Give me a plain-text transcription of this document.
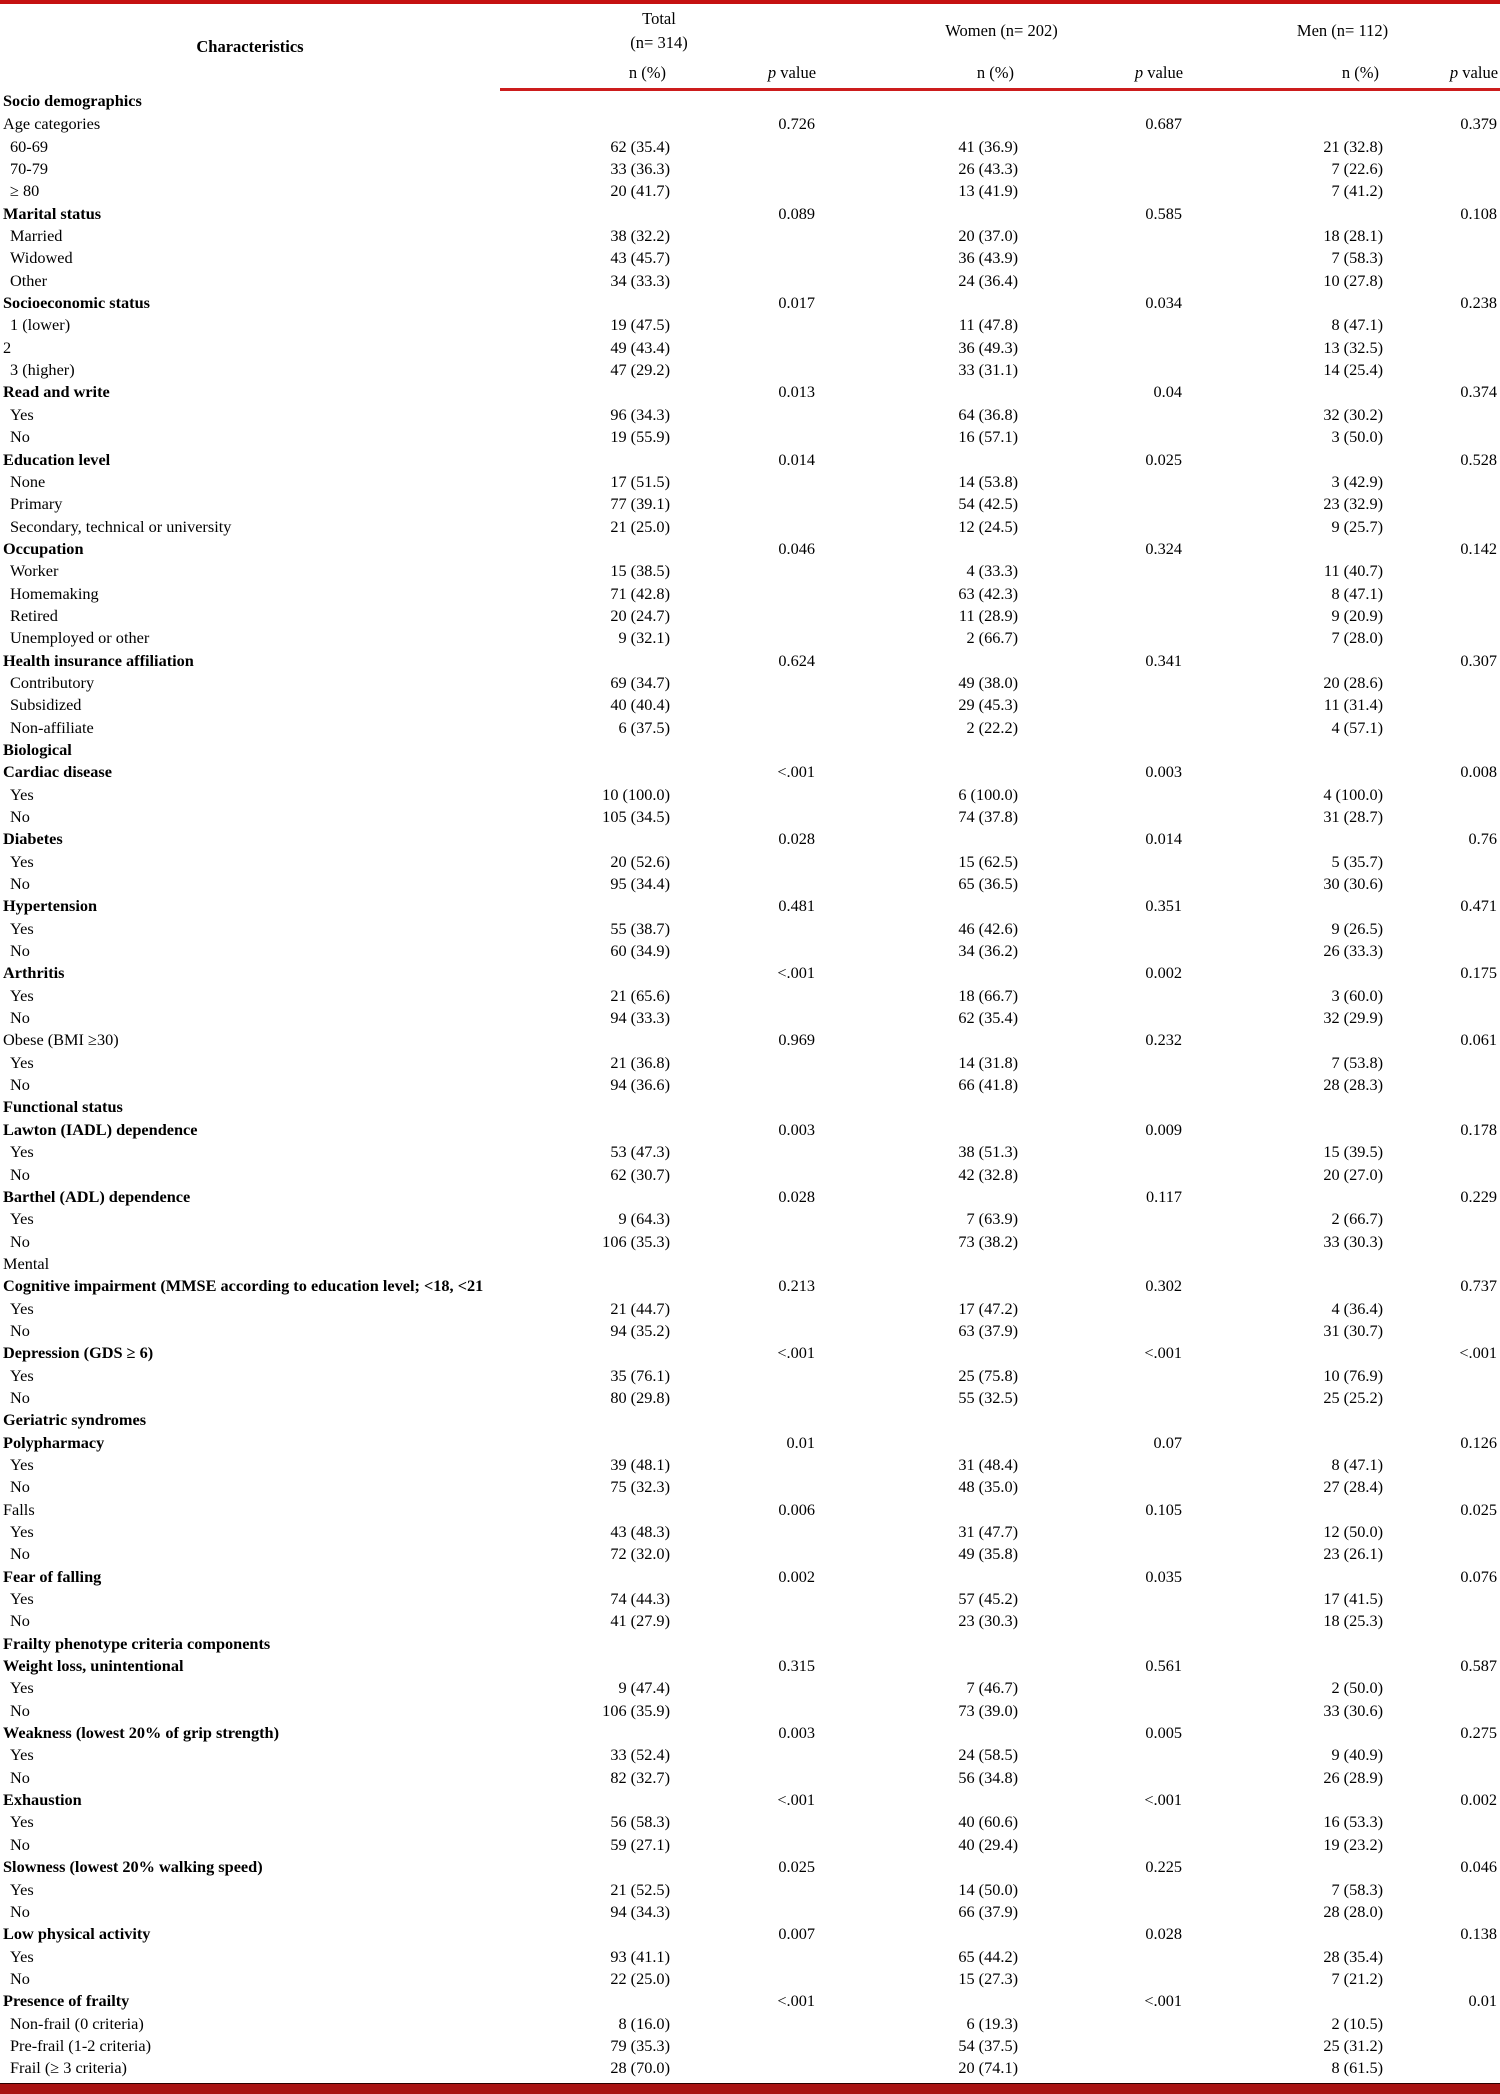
Characteristics	Total
(n= 314)		Women (n= 202)		Men (n= 112)	
	n (%)	p value	n (%)	p value	n (%)	p value
Socio demographics						
Age categories		0.726		0.687		0.379
60-69	62 (35.4)		41 (36.9)		21 (32.8)	
70-79	33 (36.3)		26 (43.3)		7 (22.6)	
≥ 80	20 (41.7)		13 (41.9)		7 (41.2)	
Marital status		0.089		0.585		0.108
Married	38 (32.2)		20 (37.0)		18 (28.1)	
Widowed	43 (45.7)		36 (43.9)		7 (58.3)	
Other	34 (33.3)		24 (36.4)		10 (27.8)	
Socioeconomic status		0.017		0.034		0.238
1 (lower)	19 (47.5)		11 (47.8)		8 (47.1)	
2	49 (43.4)		36 (49.3)		13 (32.5)	
3 (higher)	47 (29.2)		33 (31.1)		14 (25.4)	
Read and write		0.013		0.04		0.374
Yes	96 (34.3)		64 (36.8)		32 (30.2)	
No	19 (55.9)		16 (57.1)		3 (50.0)	
Education level		0.014		0.025		0.528
None	17 (51.5)		14 (53.8)		3 (42.9)	
Primary	77 (39.1)		54 (42.5)		23 (32.9)	
Secondary, technical or university	21 (25.0)		12 (24.5)		9 (25.7)	
Occupation		0.046		0.324		0.142
Worker	15 (38.5)		4 (33.3)		11 (40.7)	
Homemaking	71 (42.8)		63 (42.3)		8 (47.1)	
Retired	20 (24.7)		11 (28.9)		9 (20.9)	
Unemployed or other	9 (32.1)		2 (66.7)		7 (28.0)	
Health insurance affiliation		0.624		0.341		0.307
Contributory	69 (34.7)		49 (38.0)		20 (28.6)	
Subsidized	40 (40.4)		29 (45.3)		11 (31.4)	
Non-affiliate	6 (37.5)		2 (22.2)		4 (57.1)	
Biological						
Cardiac disease		<.001		0.003		0.008
Yes	10 (100.0)		6 (100.0)		4 (100.0)	
No	105 (34.5)		74 (37.8)		31 (28.7)	
Diabetes		0.028		0.014		0.76
Yes	20 (52.6)		15 (62.5)		5 (35.7)	
No	95 (34.4)		65 (36.5)		30 (30.6)	
Hypertension		0.481		0.351		0.471
Yes	55 (38.7)		46 (42.6)		9 (26.5)	
No	60 (34.9)		34 (36.2)		26 (33.3)	
Arthritis		<.001		0.002		0.175
Yes	21 (65.6)		18 (66.7)		3 (60.0)	
No	94 (33.3)		62 (35.4)		32 (29.9)	
Obese (BMI ≥30)		0.969		0.232		0.061
Yes	21 (36.8)		14 (31.8)		7 (53.8)	
No	94 (36.6)		66 (41.8)		28 (28.3)	
Functional status						
Lawton (IADL) dependence		0.003		0.009		0.178
Yes	53 (47.3)		38 (51.3)		15 (39.5)	
No	62 (30.7)		42 (32.8)		20 (27.0)	
Barthel (ADL) dependence		0.028		0.117		0.229
Yes	9 (64.3)		7 (63.9)		2 (66.7)	
No	106 (35.3)		73 (38.2)		33 (30.3)	
Mental						
Cognitive impairment (MMSE according to education level; <18, <21		0.213		0.302		0.737
Yes	21 (44.7)		17 (47.2)		4 (36.4)	
No	94 (35.2)		63 (37.9)		31 (30.7)	
Depression (GDS ≥ 6)		<.001		<.001		<.001
Yes	35 (76.1)		25 (75.8)		10 (76.9)	
No	80 (29.8)		55 (32.5)		25 (25.2)	
Geriatric syndromes						
Polypharmacy		0.01		0.07		0.126
Yes	39 (48.1)		31 (48.4)		8 (47.1)	
No	75 (32.3)		48 (35.0)		27 (28.4)	
Falls		0.006		0.105		0.025
Yes	43 (48.3)		31 (47.7)		12 (50.0)	
No	72 (32.0)		49 (35.8)		23 (26.1)	
Fear of falling		0.002		0.035		0.076
Yes	74 (44.3)		57 (45.2)		17 (41.5)	
No	41 (27.9)		23 (30.3)		18 (25.3)	
Frailty phenotype criteria components						
Weight loss, unintentional		0.315		0.561		0.587
Yes	9 (47.4)		7 (46.7)		2 (50.0)	
No	106 (35.9)		73 (39.0)		33 (30.6)	
Weakness (lowest 20% of grip strength)		0.003		0.005		0.275
Yes	33 (52.4)		24 (58.5)		9 (40.9)	
No	82 (32.7)		56 (34.8)		26 (28.9)	
Exhaustion		<.001		<.001		0.002
Yes	56 (58.3)		40 (60.6)		16 (53.3)	
No	59 (27.1)		40 (29.4)		19 (23.2)	
Slowness (lowest 20% walking speed)		0.025		0.225		0.046
Yes	21 (52.5)		14 (50.0)		7 (58.3)	
No	94 (34.3)		66 (37.9)		28 (28.0)	
Low physical activity		0.007		0.028		0.138
Yes	93 (41.1)		65 (44.2)		28 (35.4)	
No	22 (25.0)		15 (27.3)		7 (21.2)	
Presence of frailty		<.001		<.001		0.01
Non-frail (0 criteria)	8 (16.0)		6 (19.3)		2 (10.5)	
Pre-frail (1-2 criteria)	79 (35.3)		54 (37.5)		25 (31.2)	
Frail (≥ 3 criteria)	28 (70.0)		20 (74.1)		8 (61.5)	
